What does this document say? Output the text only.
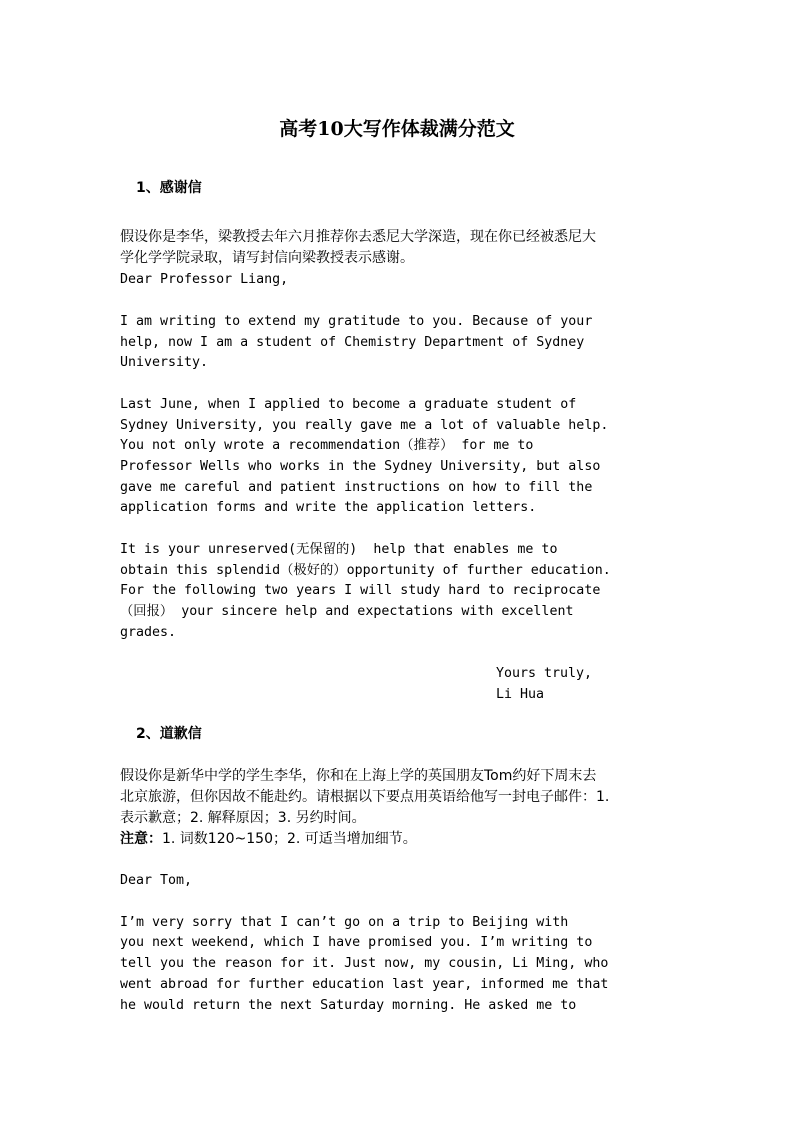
高考10大写作体裁满分范文
1、感谢信
假设你是李华，梁教授去年六月推荐你去悉尼大学深造，现在你已经被悉尼大
学化学学院录取，请写封信向梁教授表示感谢。
Dear Professor Liang,
I am writing to extend my gratitude to you. Because of your
help, now I am a student of Chemistry Department of Sydney
University.
Last June, when I applied to become a graduate student of
Sydney University, you really gave me a lot of valuable help.
You not only wrote a recommendation（推荐） for me to
Professor Wells who works in the Sydney University, but also
gave me careful and patient instructions on how to fill the
application forms and write the application letters.
It is your unreserved(无保留的)  help that enables me to
obtain this splendid（极好的）opportunity of further education.
For the following two years I will study hard to reciprocate
（回报） your sincere help and expectations with excellent
grades.
Yours truly,
Li Hua
2、道歉信
假设你是新华中学的学生李华，你和在上海上学的英国朋友Tom约好下周末去
北京旅游，但你因故不能赴约。请根据以下要点用英语给他写一封电子邮件：1.
表示歉意；2. 解释原因；3. 另约时间。
注意：1. 词数120~150；2. 可适当增加细节。
Dear Tom,
I’m very sorry that I can’t go on a trip to Beijing with
you next weekend, which I have promised you. I’m writing to
tell you the reason for it. Just now, my cousin, Li Ming, who
went abroad for further education last year, informed me that
he would return the next Saturday morning. He asked me to
